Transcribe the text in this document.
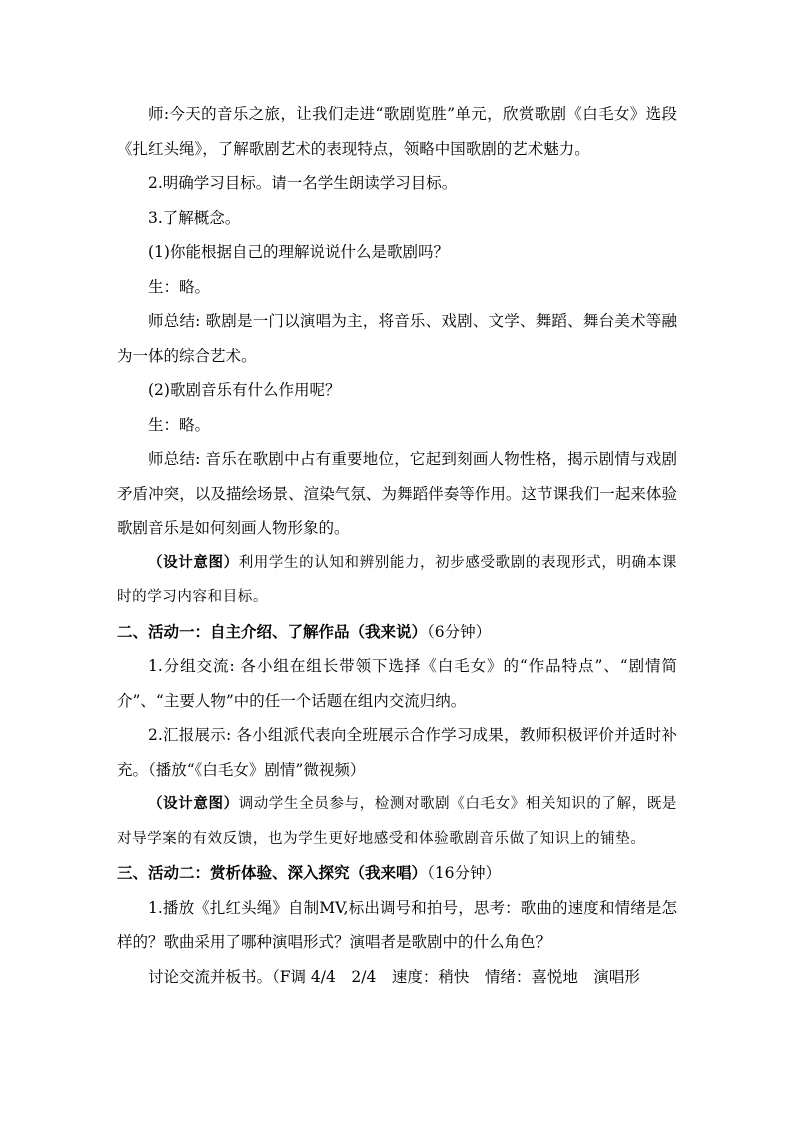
师:今天的音乐之旅，让我们走进“歌剧览胜”单元，欣赏歌剧《白毛女》选段《扎红头绳》，了解歌剧艺术的表现特点，领略中国歌剧的艺术魅力。

2.明确学习目标。请一名学生朗读学习目标。

3.了解概念。

(1)你能根据自己的理解说说什么是歌剧吗？

生：略。

师总结: 歌剧是一门以演唱为主，将音乐、戏剧、文学、舞蹈、舞台美术等融为一体的综合艺术。

(2)歌剧音乐有什么作用呢？

生：略。

师总结: 音乐在歌剧中占有重要地位，它起到刻画人物性格，揭示剧情与戏剧矛盾冲突，以及描绘场景、渲染气氛、为舞蹈伴奏等作用。这节课我们一起来体验歌剧音乐是如何刻画人物形象的。

（设计意图）利用学生的认知和辨别能力，初步感受歌剧的表现形式，明确本课时的学习内容和目标。

二、活动一：自主介绍、了解作品（我来说）（6分钟）

1.分组交流: 各小组在组长带领下选择《白毛女》的“作品特点”、“剧情简介”、“主要人物”中的任一个话题在组内交流归纳。

2.汇报展示: 各小组派代表向全班展示合作学习成果，教师积极评价并适时补充。（播放“《白毛女》剧情”微视频）

（设计意图）调动学生全员参与，检测对歌剧《白毛女》相关知识的了解，既是对导学案的有效反馈，也为学生更好地感受和体验歌剧音乐做了知识上的铺垫。

三、活动二：赏析体验、深入探究（我来唱）（16分钟）

1.播放《扎红头绳》自制MV,标出调号和拍号，思考：歌曲的速度和情绪是怎样的？歌曲采用了哪种演唱形式？演唱者是歌剧中的什么角色？

讨论交流并板书。（F调 4/4　2/4　速度：稍快　情绪：喜悦地　演唱形
